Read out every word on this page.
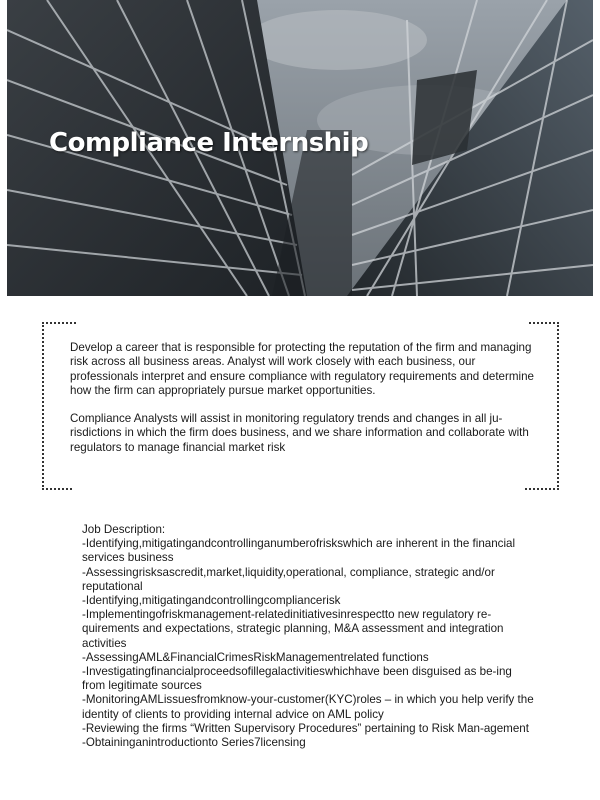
Compliance Internship

Develop a career that is responsible for protecting the reputation of the firm and managing risk across all business areas. Analyst will work closely with each business, our professionals interpret and ensure compliance with regulatory requirements and determine how the firm can appropriately pursue market opportunities.

Compliance Analysts will assist in monitoring regulatory trends and changes in all ju-risdictions in which the firm does business, and we share information and collaborate with regulators to manage financial market risk

Job Description:
-Identifying,mitigatingandcontrollinganumberofriskswhich are inherent in the financial services business
-Assessingrisksascredit,market,liquidity,operational, compliance, strategic and/or reputational
-Identifying,mitigatingandcontrollingcompliancerisk
-Implementingofriskmanagement-relatedinitiativesinrespectto new regulatory re-quirements and expectations, strategic planning, M&A assessment and integration activities
-AssessingAML&FinancialCrimesRiskManagementrelated functions
-Investigatingfinancialproceedsofillegalactivitieswhichhave been disguised as be-ing from legitimate sources
-MonitoringAMLissuesfromknow-your-customer(KYC)roles – in which you help verify the identity of clients to providing internal advice on AML policy
-Reviewing the firms “Written Supervisory Procedures” pertaining to Risk Man-agement
-Obtaininganintroductionto Series7licensing
